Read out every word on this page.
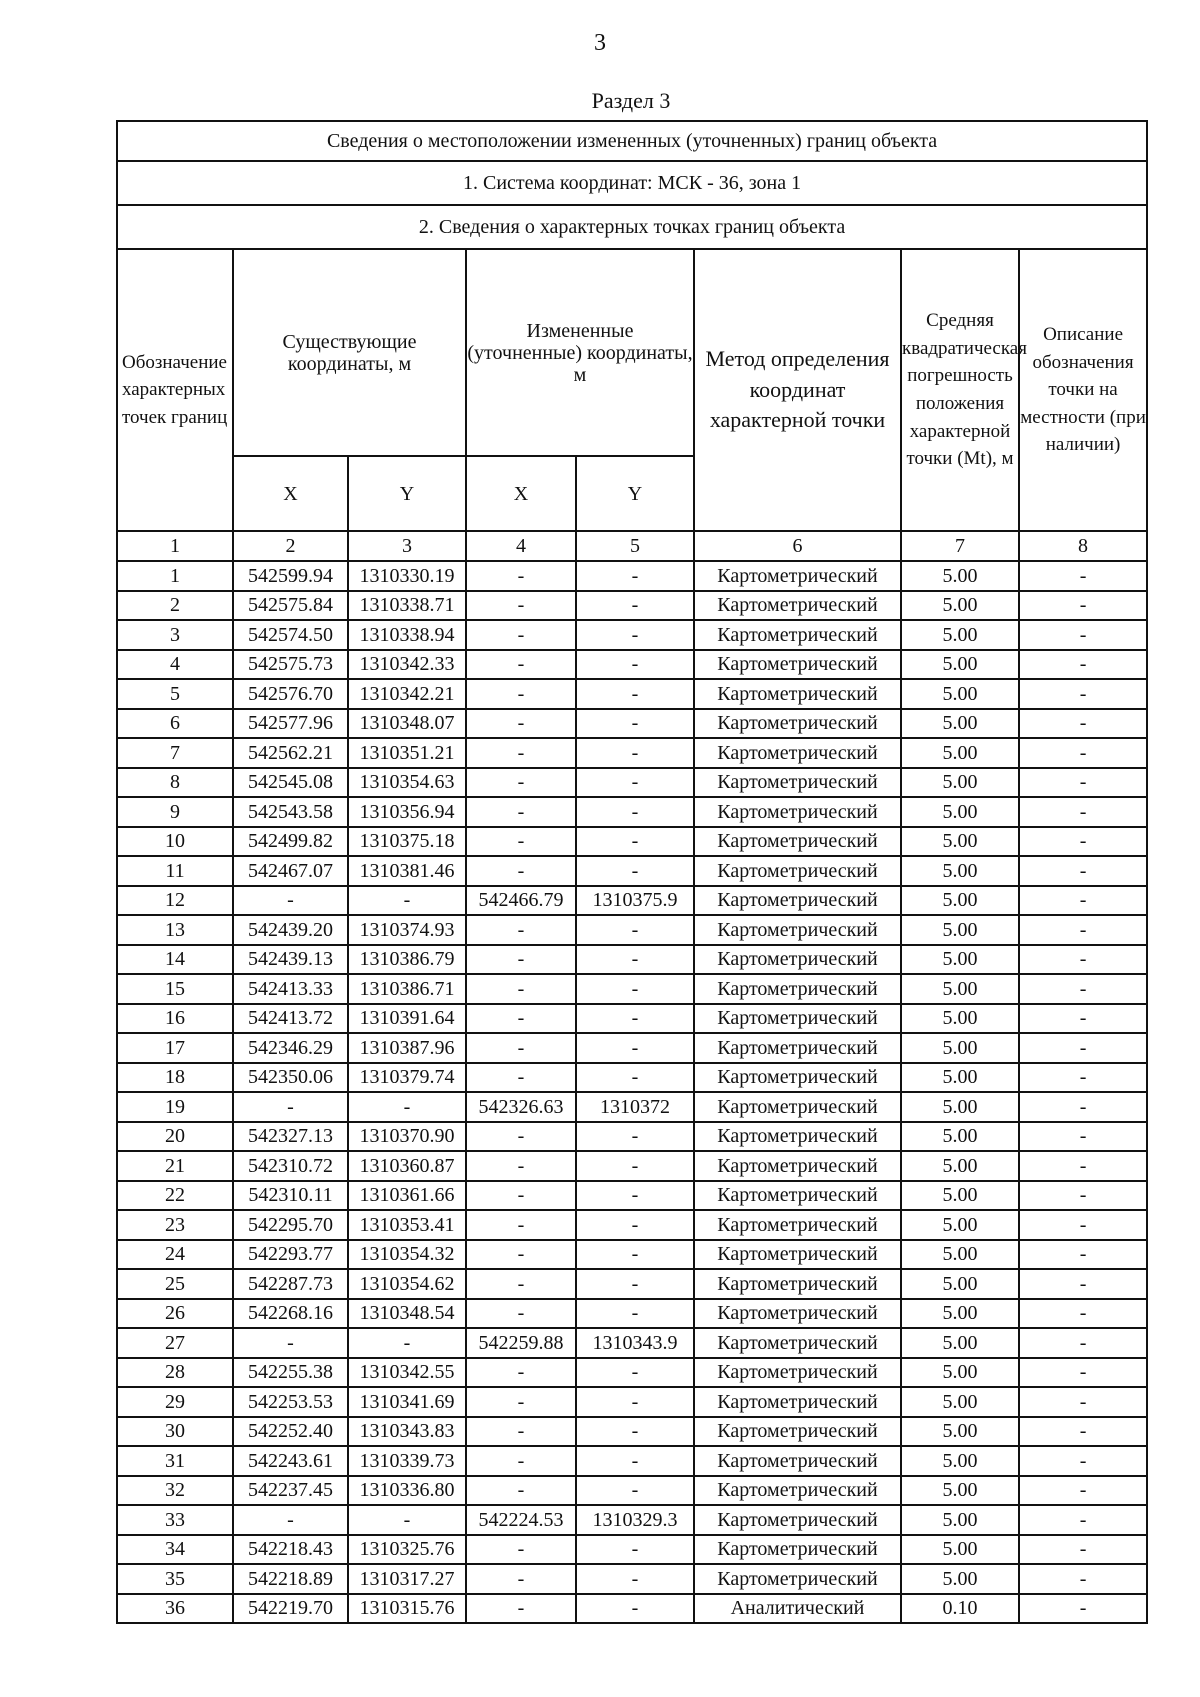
3
Раздел 3
Сведения о местоположении измененных (уточненных) границ объекта							
1. Система координат: МСК - 36, зона 1							
2. Сведения о характерных точках границ объекта							
Обозначение характерных точек границ	Существующие координаты, м		Измененные (уточненные) координаты, м		Метод определения координат характерной точки	Средняя квадратическая погрешность положения характерной точки (Mt), м	Описание обозначения точки на местности (при наличии)
	X	Y	X	Y			
1	2	3	4	5	6	7	8
1	542599.94	1310330.19	-	-	Картометрический	5.00	-
2	542575.84	1310338.71	-	-	Картометрический	5.00	-
3	542574.50	1310338.94	-	-	Картометрический	5.00	-
4	542575.73	1310342.33	-	-	Картометрический	5.00	-
5	542576.70	1310342.21	-	-	Картометрический	5.00	-
6	542577.96	1310348.07	-	-	Картометрический	5.00	-
7	542562.21	1310351.21	-	-	Картометрический	5.00	-
8	542545.08	1310354.63	-	-	Картометрический	5.00	-
9	542543.58	1310356.94	-	-	Картометрический	5.00	-
10	542499.82	1310375.18	-	-	Картометрический	5.00	-
11	542467.07	1310381.46	-	-	Картометрический	5.00	-
12	-	-	542466.79	1310375.9	Картометрический	5.00	-
13	542439.20	1310374.93	-	-	Картометрический	5.00	-
14	542439.13	1310386.79	-	-	Картометрический	5.00	-
15	542413.33	1310386.71	-	-	Картометрический	5.00	-
16	542413.72	1310391.64	-	-	Картометрический	5.00	-
17	542346.29	1310387.96	-	-	Картометрический	5.00	-
18	542350.06	1310379.74	-	-	Картометрический	5.00	-
19	-	-	542326.63	1310372	Картометрический	5.00	-
20	542327.13	1310370.90	-	-	Картометрический	5.00	-
21	542310.72	1310360.87	-	-	Картометрический	5.00	-
22	542310.11	1310361.66	-	-	Картометрический	5.00	-
23	542295.70	1310353.41	-	-	Картометрический	5.00	-
24	542293.77	1310354.32	-	-	Картометрический	5.00	-
25	542287.73	1310354.62	-	-	Картометрический	5.00	-
26	542268.16	1310348.54	-	-	Картометрический	5.00	-
27	-	-	542259.88	1310343.9	Картометрический	5.00	-
28	542255.38	1310342.55	-	-	Картометрический	5.00	-
29	542253.53	1310341.69	-	-	Картометрический	5.00	-
30	542252.40	1310343.83	-	-	Картометрический	5.00	-
31	542243.61	1310339.73	-	-	Картометрический	5.00	-
32	542237.45	1310336.80	-	-	Картометрический	5.00	-
33	-	-	542224.53	1310329.3	Картометрический	5.00	-
34	542218.43	1310325.76	-	-	Картометрический	5.00	-
35	542218.89	1310317.27	-	-	Картометрический	5.00	-
36	542219.70	1310315.76	-	-	Аналитический	0.10	-
